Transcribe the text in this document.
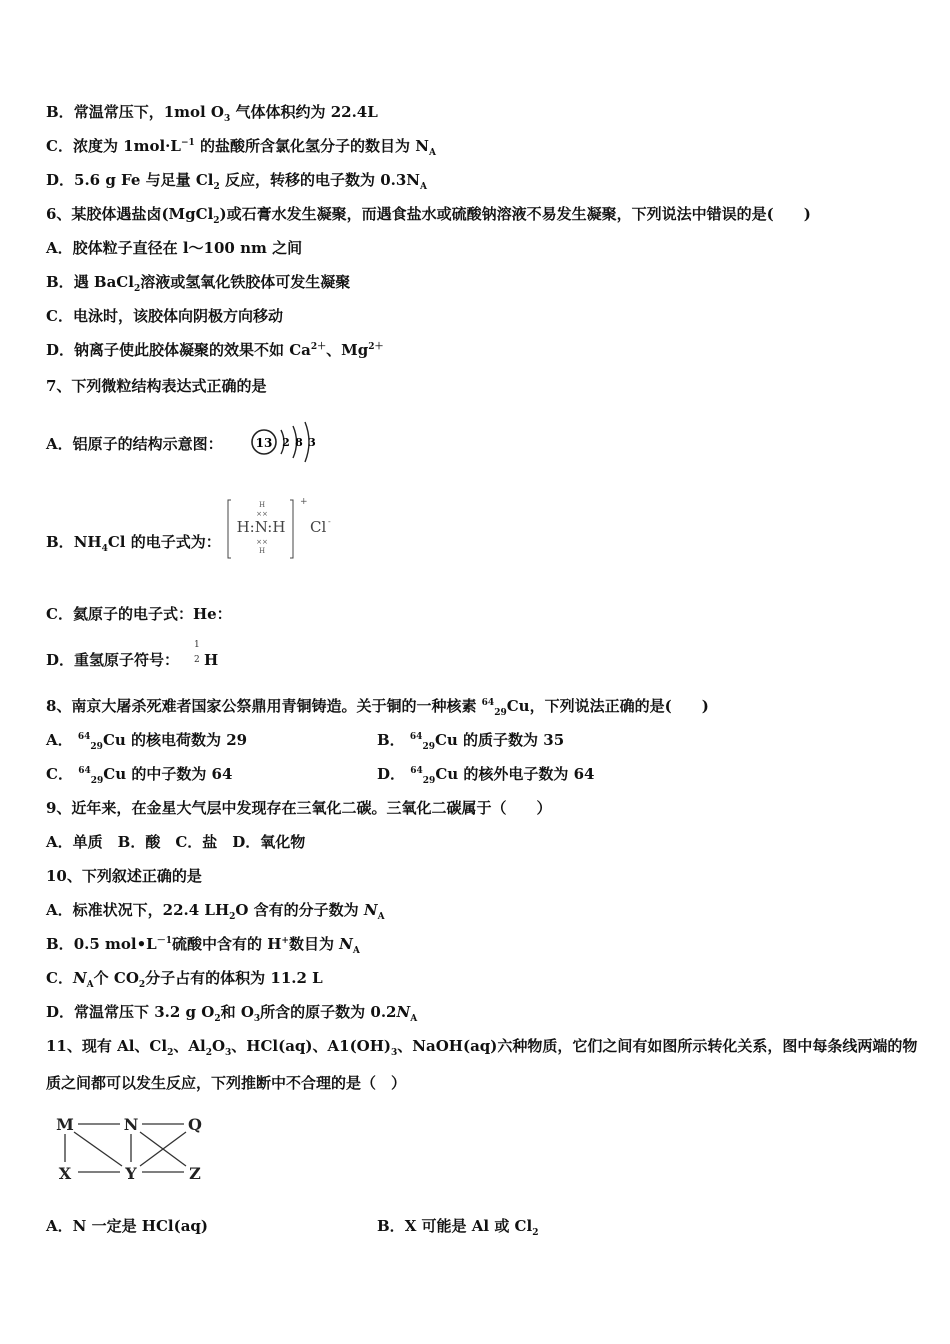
B．常温常压下，1mol $O_3$ 气体体积约为 22.4L
C．浓度为 $1mol\cdot L^{-1}$ 的盐酸所含氯化氢分子的数目为 $N_A$
D．5.6 g Fe 与足量 $Cl_2$ 反应，转移的电子数为 $0.3N_A$
6、某胶体遇盐卤(MgCl$_2$)或石膏水发生凝聚，而遇食盐水或硫酸钠溶液不易发生凝聚，下列说法中错误的是(　　)
A．胶体粒子直径在 l～100 nm 之间
B．遇 BaCl$_2$溶液或氢氧化铁胶体可发生凝聚
C．电泳时，该胶体向阴极方向移动
D．钠离子使此胶体凝聚的效果不如 $Ca^{2+}$、$Mg^{2+}$
7、下列微粒结构表达式正确的是
A．铝原子的结构示意图：	13 2 8 3
B．$NH_4Cl$ 的电子式为：
H
××
H:N:H
××
H
+
Cl -
C．氦原子的电子式：He：
D．重氢原子符号：
1
2 H
8、南京大屠杀死难者国家公祭鼎用青铜铸造。关于铜的一种核素 $^{64}_{29}$Cu，下列说法正确的是(　　)
A． $^{64}_{29}$Cu 的核电荷数为 29	B． $^{64}_{29}$Cu 的质子数为 35
C． $^{64}_{29}$Cu 的中子数为 64	D． $^{64}_{29}$Cu 的核外电子数为 64
9、近年来，在金星大气层中发现存在三氧化二碳。三氧化二碳属于（　　）
A．单质　B．酸　C．盐　D．氧化物
10、下列叙述正确的是
A．标准状况下，22.4 $LH_2O$ 含有的分子数为 $N_A$
B．0.5 $mol•L^{-1}$硫酸中含有的 H+数目为 $N_A$
C．$N_A$个 $CO_2$分子占有的体积为 11.2 L
D．常温常压下 3.2 g $O_2$和 $O_3$所含的原子数为 $0.2N_A$
11、现有 Al、$Cl_2$、$Al_2O_3$、HCl(aq)、$A1(OH)_3$、NaOH(aq)六种物质，它们之间有如图所示转化关系，图中每条线两端的物
质之间都可以发生反应，下列推断中不合理的是（　）
M	N	Q
X	Y	Z
A．N 一定是 HCl(aq)	B．X 可能是 Al 或 $Cl_2$
